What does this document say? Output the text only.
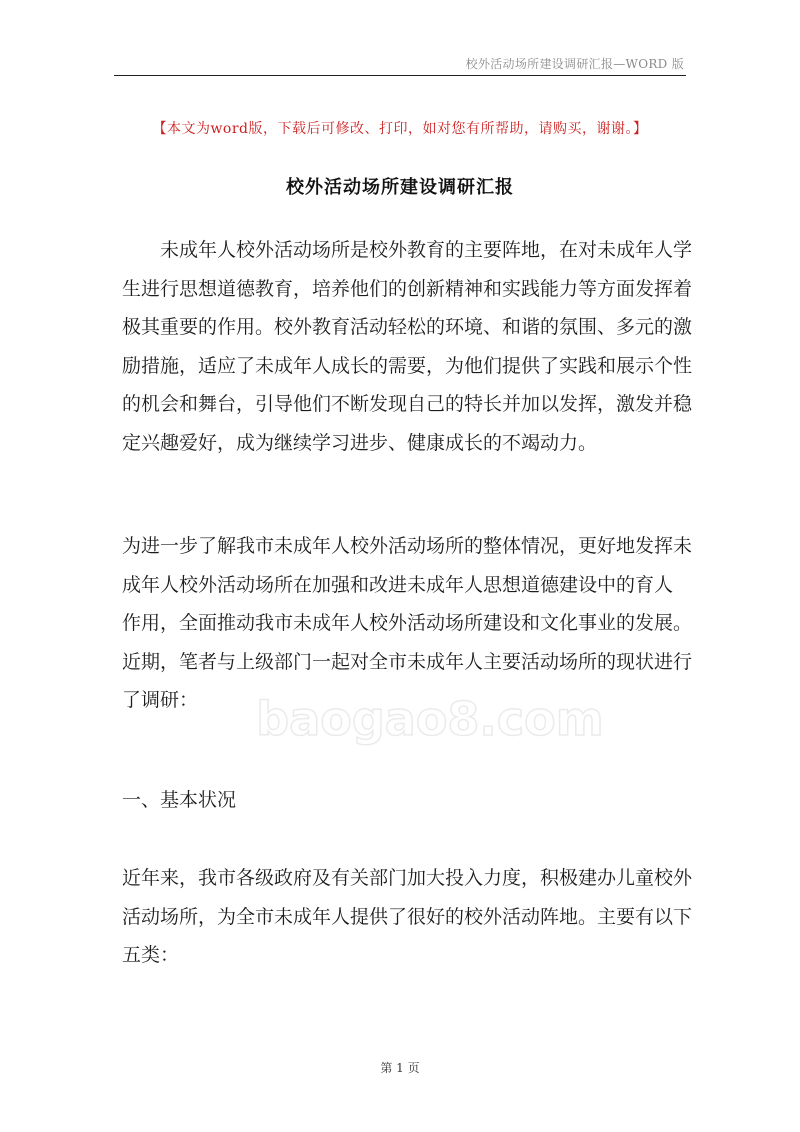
校外活动场所建设调研汇报—WORD 版
【本文为word版，下载后可修改、打印，如对您有所帮助，请购买，谢谢。】
校外活动场所建设调研汇报
　　未成年人校外活动场所是校外教育的主要阵地，在对未成年人学
生进行思想道德教育，培养他们的创新精神和实践能力等方面发挥着
极其重要的作用。校外教育活动轻松的环境、和谐的氛围、多元的激
励措施，适应了未成年人成长的需要，为他们提供了实践和展示个性
的机会和舞台，引导他们不断发现自己的特长并加以发挥，激发并稳
定兴趣爱好，成为继续学习进步、健康成长的不竭动力。
为进一步了解我市未成年人校外活动场所的整体情况，更好地发挥未
成年人校外活动场所在加强和改进未成年人思想道德建设中的育人
作用，全面推动我市未成年人校外活动场所建设和文化事业的发展。
近期，笔者与上级部门一起对全市未成年人主要活动场所的现状进行
了调研：
一、基本状况
近年来，我市各级政府及有关部门加大投入力度，积极建办儿童校外
活动场所，为全市未成年人提供了很好的校外活动阵地。主要有以下
五类：
baogao8.com
第 1 页
